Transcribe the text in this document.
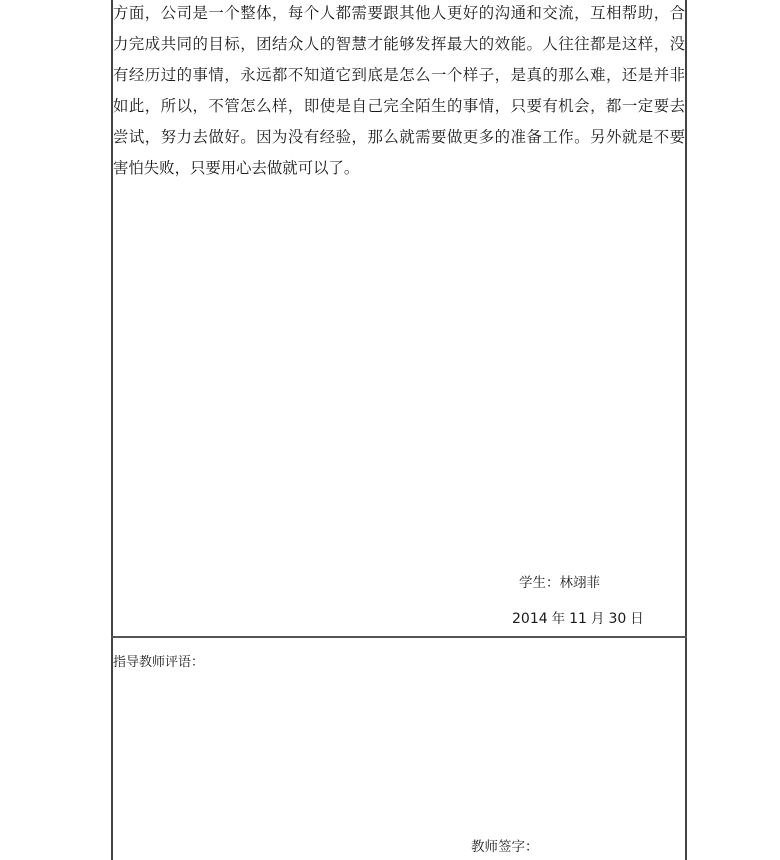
方面，公司是一个整体，每个人都需要跟其他人更好的沟通和交流，互相帮助，合
力完成共同的目标，团结众人的智慧才能够发挥最大的效能。人往往都是这样，没
有经历过的事情，永远都不知道它到底是怎么一个样子，是真的那么难，还是并非
如此，所以，不管怎么样，即使是自己完全陌生的事情，只要有机会，都一定要去
尝试，努力去做好。因为没有经验，那么就需要做更多的准备工作。另外就是不要
害怕失败，只要用心去做就可以了。
学生：林翊菲
2014 年 11 月 30 日
指导教师评语：
教师签字：
